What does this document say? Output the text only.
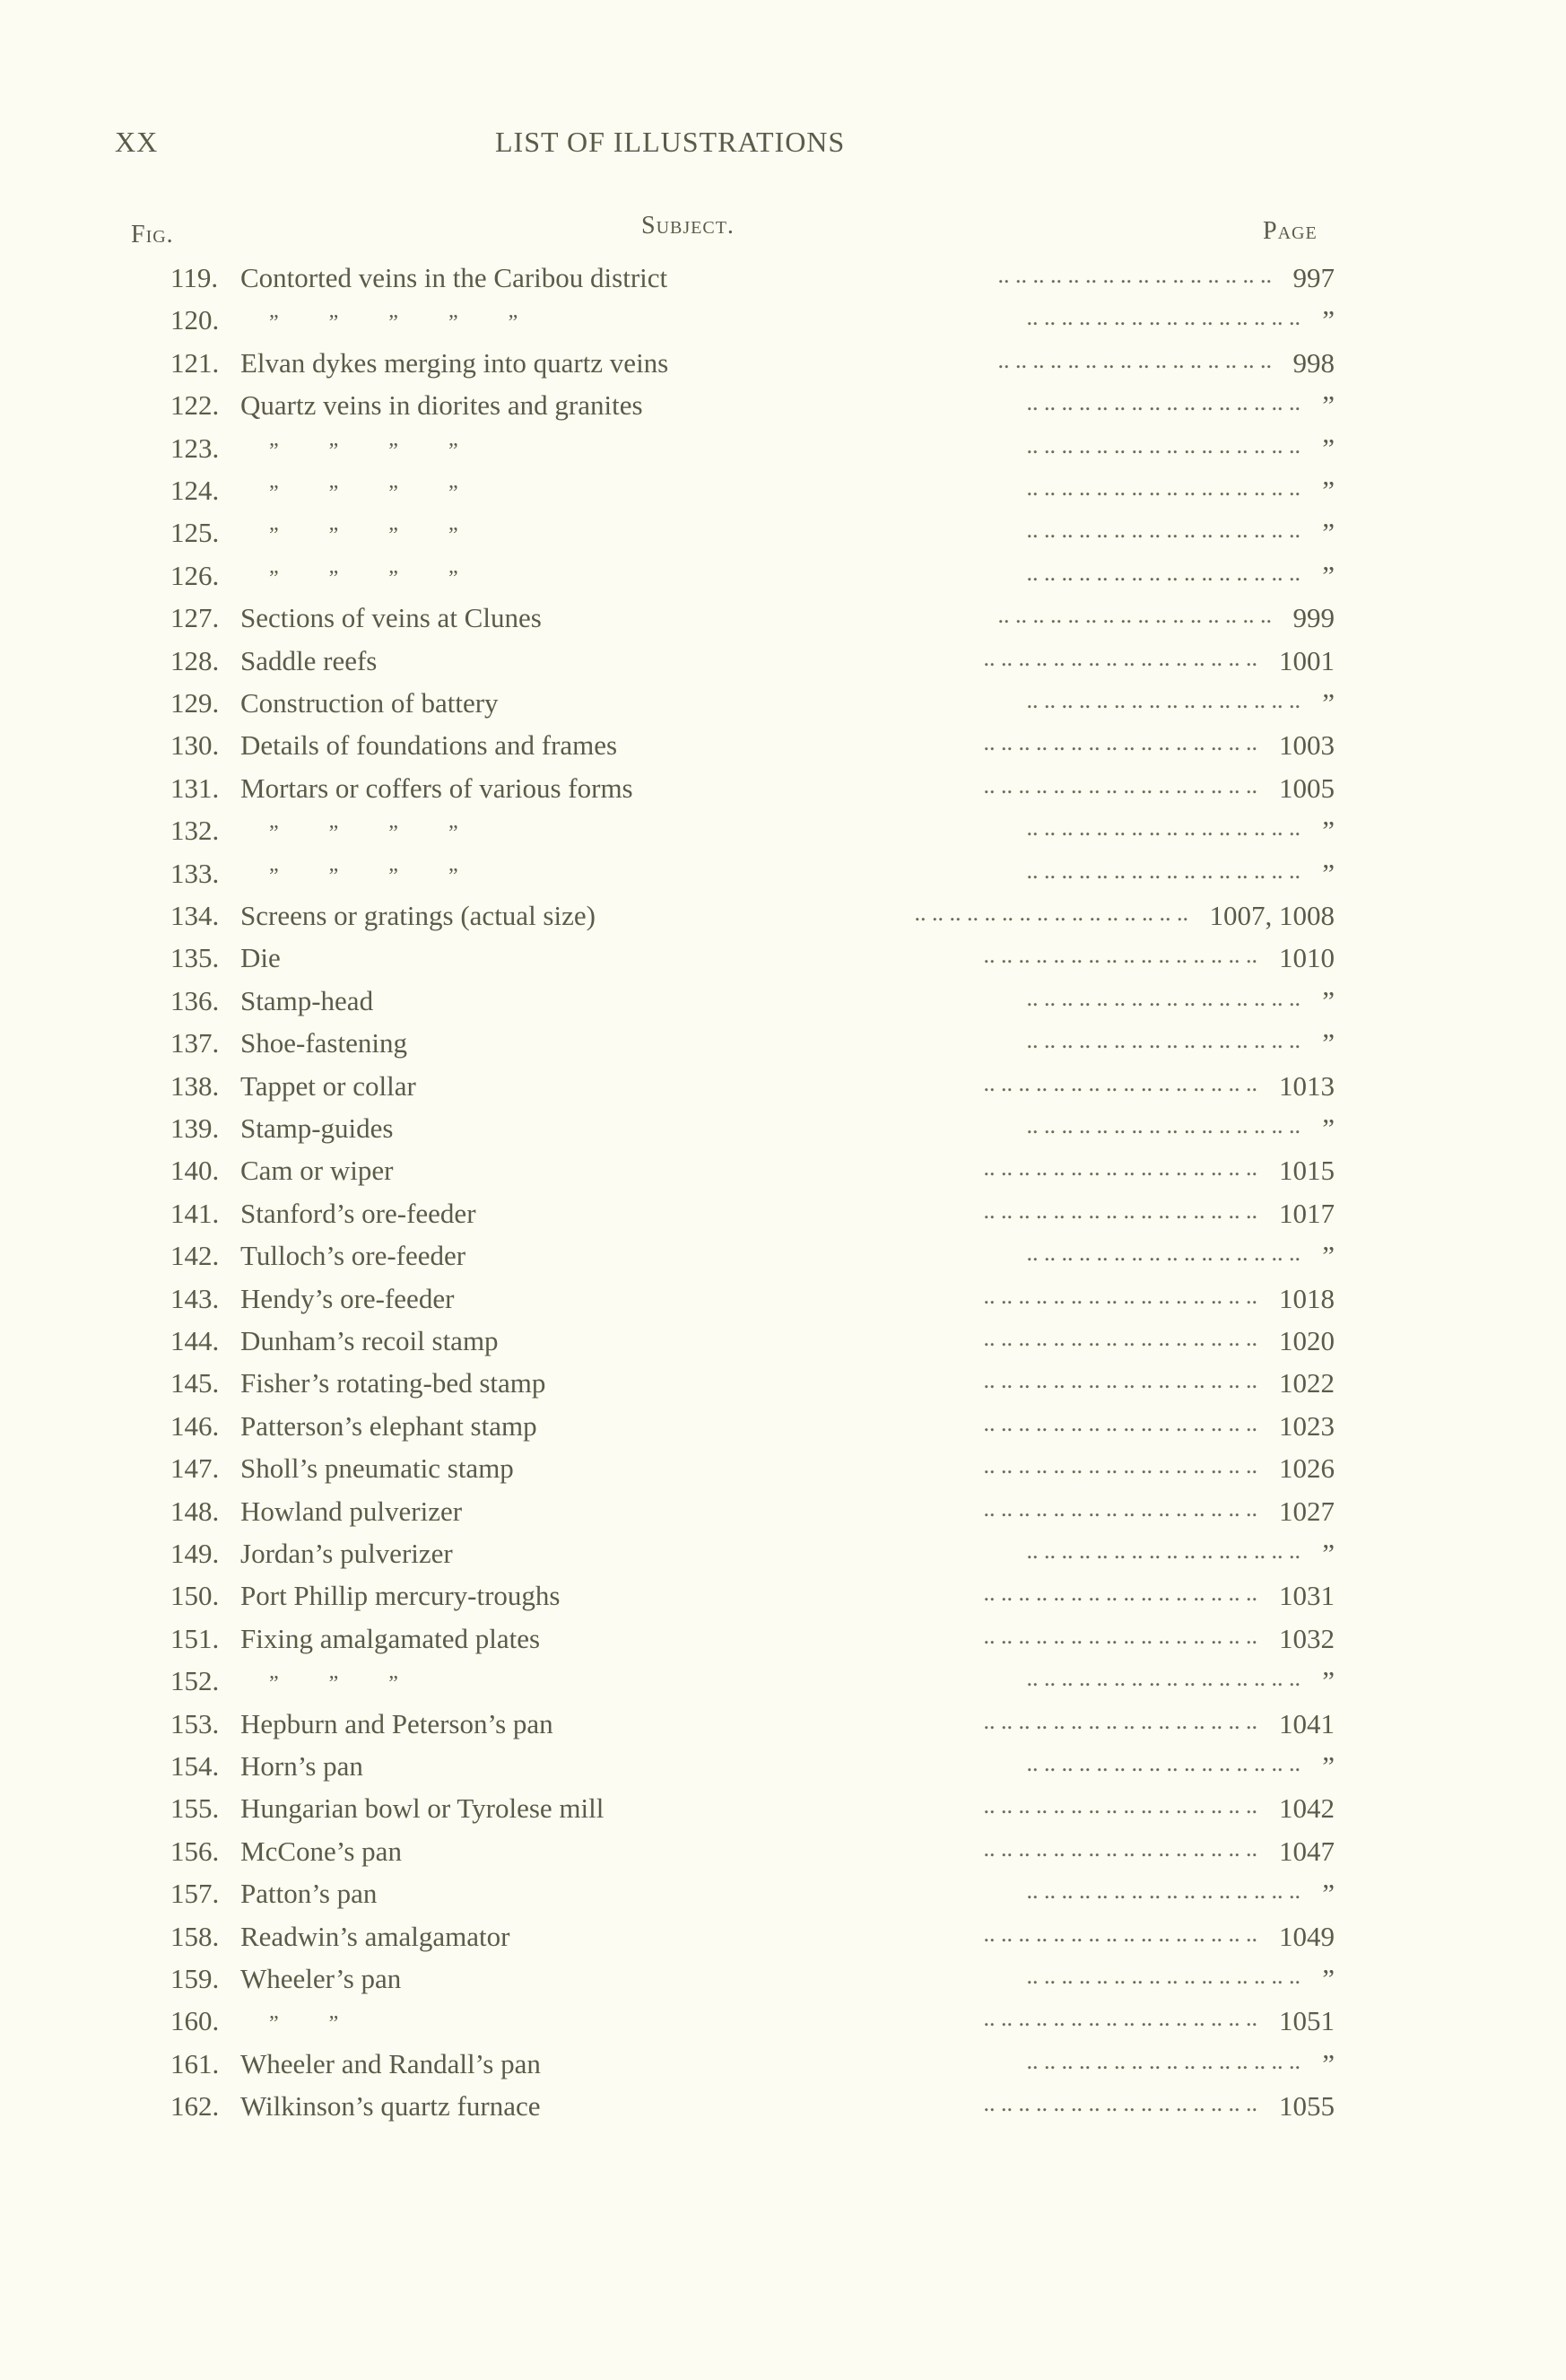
XX	LIST OF ILLUSTRATIONS
Fig.	Subject.	Page
119. Contorted veins in the Caribou district	.. .. .. .. .. .. .. .. .. .. .. .. .. .. .. .. 997
120. ” ” ” ” ”	.. .. .. .. .. .. .. .. .. .. .. .. .. .. .. .. ”
121. Elvan dykes merging into quartz veins	.. .. .. .. .. .. .. .. .. .. .. .. .. .. .. .. 998
122. Quartz veins in diorites and granites	.. .. .. .. .. .. .. .. .. .. .. .. .. .. .. .. ”
123. ” ” ” ”	.. .. .. .. .. .. .. .. .. .. .. .. .. .. .. .. ”
124. ” ” ” ”	.. .. .. .. .. .. .. .. .. .. .. .. .. .. .. .. ”
125. ” ” ” ”	.. .. .. .. .. .. .. .. .. .. .. .. .. .. .. .. ”
126. ” ” ” ”	.. .. .. .. .. .. .. .. .. .. .. .. .. .. .. .. ”
127. Sections of veins at Clunes	.. .. .. .. .. .. .. .. .. .. .. .. .. .. .. .. 999
128. Saddle reefs	.. .. .. .. .. .. .. .. .. .. .. .. .. .. .. .. 1001
129. Construction of battery	.. .. .. .. .. .. .. .. .. .. .. .. .. .. .. .. ”
130. Details of foundations and frames	.. .. .. .. .. .. .. .. .. .. .. .. .. .. .. .. 1003
131. Mortars or coffers of various forms	.. .. .. .. .. .. .. .. .. .. .. .. .. .. .. .. 1005
132. ” ” ” ”	.. .. .. .. .. .. .. .. .. .. .. .. .. .. .. .. ”
133. ” ” ” ”	.. .. .. .. .. .. .. .. .. .. .. .. .. .. .. .. ”
134. Screens or gratings (actual size)	.. .. .. .. .. .. .. .. .. .. .. .. .. .. .. .. 1007, 1008
135. Die	.. .. .. .. .. .. .. .. .. .. .. .. .. .. .. .. 1010
136. Stamp-head	.. .. .. .. .. .. .. .. .. .. .. .. .. .. .. .. ”
137. Shoe-fastening	.. .. .. .. .. .. .. .. .. .. .. .. .. .. .. .. ”
138. Tappet or collar	.. .. .. .. .. .. .. .. .. .. .. .. .. .. .. .. 1013
139. Stamp-guides	.. .. .. .. .. .. .. .. .. .. .. .. .. .. .. .. ”
140. Cam or wiper	.. .. .. .. .. .. .. .. .. .. .. .. .. .. .. .. 1015
141. Stanford’s ore-feeder	.. .. .. .. .. .. .. .. .. .. .. .. .. .. .. .. 1017
142. Tulloch’s ore-feeder	.. .. .. .. .. .. .. .. .. .. .. .. .. .. .. .. ”
143. Hendy’s ore-feeder	.. .. .. .. .. .. .. .. .. .. .. .. .. .. .. .. 1018
144. Dunham’s recoil stamp	.. .. .. .. .. .. .. .. .. .. .. .. .. .. .. .. 1020
145. Fisher’s rotating-bed stamp	.. .. .. .. .. .. .. .. .. .. .. .. .. .. .. .. 1022
146. Patterson’s elephant stamp	.. .. .. .. .. .. .. .. .. .. .. .. .. .. .. .. 1023
147. Sholl’s pneumatic stamp	.. .. .. .. .. .. .. .. .. .. .. .. .. .. .. .. 1026
148. Howland pulverizer	.. .. .. .. .. .. .. .. .. .. .. .. .. .. .. .. 1027
149. Jordan’s pulverizer	.. .. .. .. .. .. .. .. .. .. .. .. .. .. .. .. ”
150. Port Phillip mercury-troughs	.. .. .. .. .. .. .. .. .. .. .. .. .. .. .. .. 1031
151. Fixing amalgamated plates	.. .. .. .. .. .. .. .. .. .. .. .. .. .. .. .. 1032
152. ” ” ”	.. .. .. .. .. .. .. .. .. .. .. .. .. .. .. .. ”
153. Hepburn and Peterson’s pan	.. .. .. .. .. .. .. .. .. .. .. .. .. .. .. .. 1041
154. Horn’s pan	.. .. .. .. .. .. .. .. .. .. .. .. .. .. .. .. ”
155. Hungarian bowl or Tyrolese mill	.. .. .. .. .. .. .. .. .. .. .. .. .. .. .. .. 1042
156. McCone’s pan	.. .. .. .. .. .. .. .. .. .. .. .. .. .. .. .. 1047
157. Patton’s pan	.. .. .. .. .. .. .. .. .. .. .. .. .. .. .. .. ”
158. Readwin’s amalgamator	.. .. .. .. .. .. .. .. .. .. .. .. .. .. .. .. 1049
159. Wheeler’s pan	.. .. .. .. .. .. .. .. .. .. .. .. .. .. .. .. ”
160. ” ”	.. .. .. .. .. .. .. .. .. .. .. .. .. .. .. .. 1051
161. Wheeler and Randall’s pan	.. .. .. .. .. .. .. .. .. .. .. .. .. .. .. .. ”
162. Wilkinson’s quartz furnace	.. .. .. .. .. .. .. .. .. .. .. .. .. .. .. .. 1055
